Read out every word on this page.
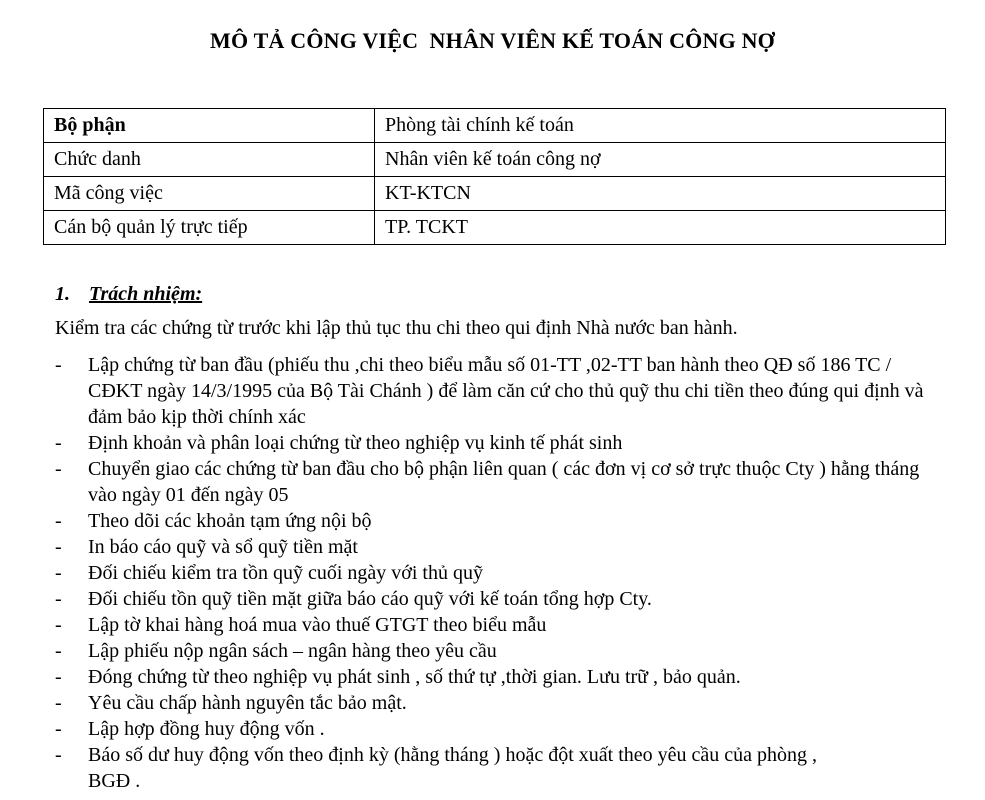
MÔ TẢ CÔNG VIỆC  NHÂN VIÊN KẾ TOÁN CÔNG NỢ
Bộ phận	Phòng tài chính kế toán
Chức danh	Nhân viên kế toán công nợ
Mã công việc	KT-KTCN
Cán bộ quản lý trực tiếp	TP. TCKT
1. Trách nhiệm:
Kiểm tra các chứng từ trước khi lập thủ tục thu chi theo qui định Nhà nước ban hành.
- Lập chứng từ ban đầu (phiếu thu ,chi theo biểu mẫu số 01-TT ,02-TT ban hành theo QĐ số 186 TC / CĐKT ngày 14/3/1995 của Bộ Tài Chánh ) để làm căn cứ cho thủ quỹ thu chi tiền theo đúng qui định và đảm bảo kịp thời chính xác
- Định khoản và phân loại chứng từ theo nghiệp vụ kinh tế phát sinh
- Chuyển giao các chứng từ ban đầu cho bộ phận liên quan ( các đơn vị cơ sở trực thuộc Cty ) hằng tháng vào ngày 01 đến ngày 05
- Theo dõi các khoản tạm ứng nội bộ
- In báo cáo quỹ và sổ quỹ tiền mặt
- Đối chiếu kiểm tra tồn quỹ cuối ngày với thủ quỹ
- Đối chiếu tồn quỹ tiền mặt giữa báo cáo quỹ với kế toán tổng hợp Cty.
- Lập tờ khai hàng hoá mua vào thuế GTGT theo biểu mẫu
- Lập phiếu nộp ngân sách – ngân hàng theo yêu cầu
- Đóng chứng từ theo nghiệp vụ phát sinh , số thứ tự ,thời gian. Lưu trữ , bảo quản.
- Yêu cầu chấp hành nguyên tắc bảo mật.
- Lập hợp đồng huy động vốn .
- Báo số dư huy động vốn theo định kỳ (hằng tháng ) hoặc đột xuất theo yêu cầu của phòng , BGĐ .
